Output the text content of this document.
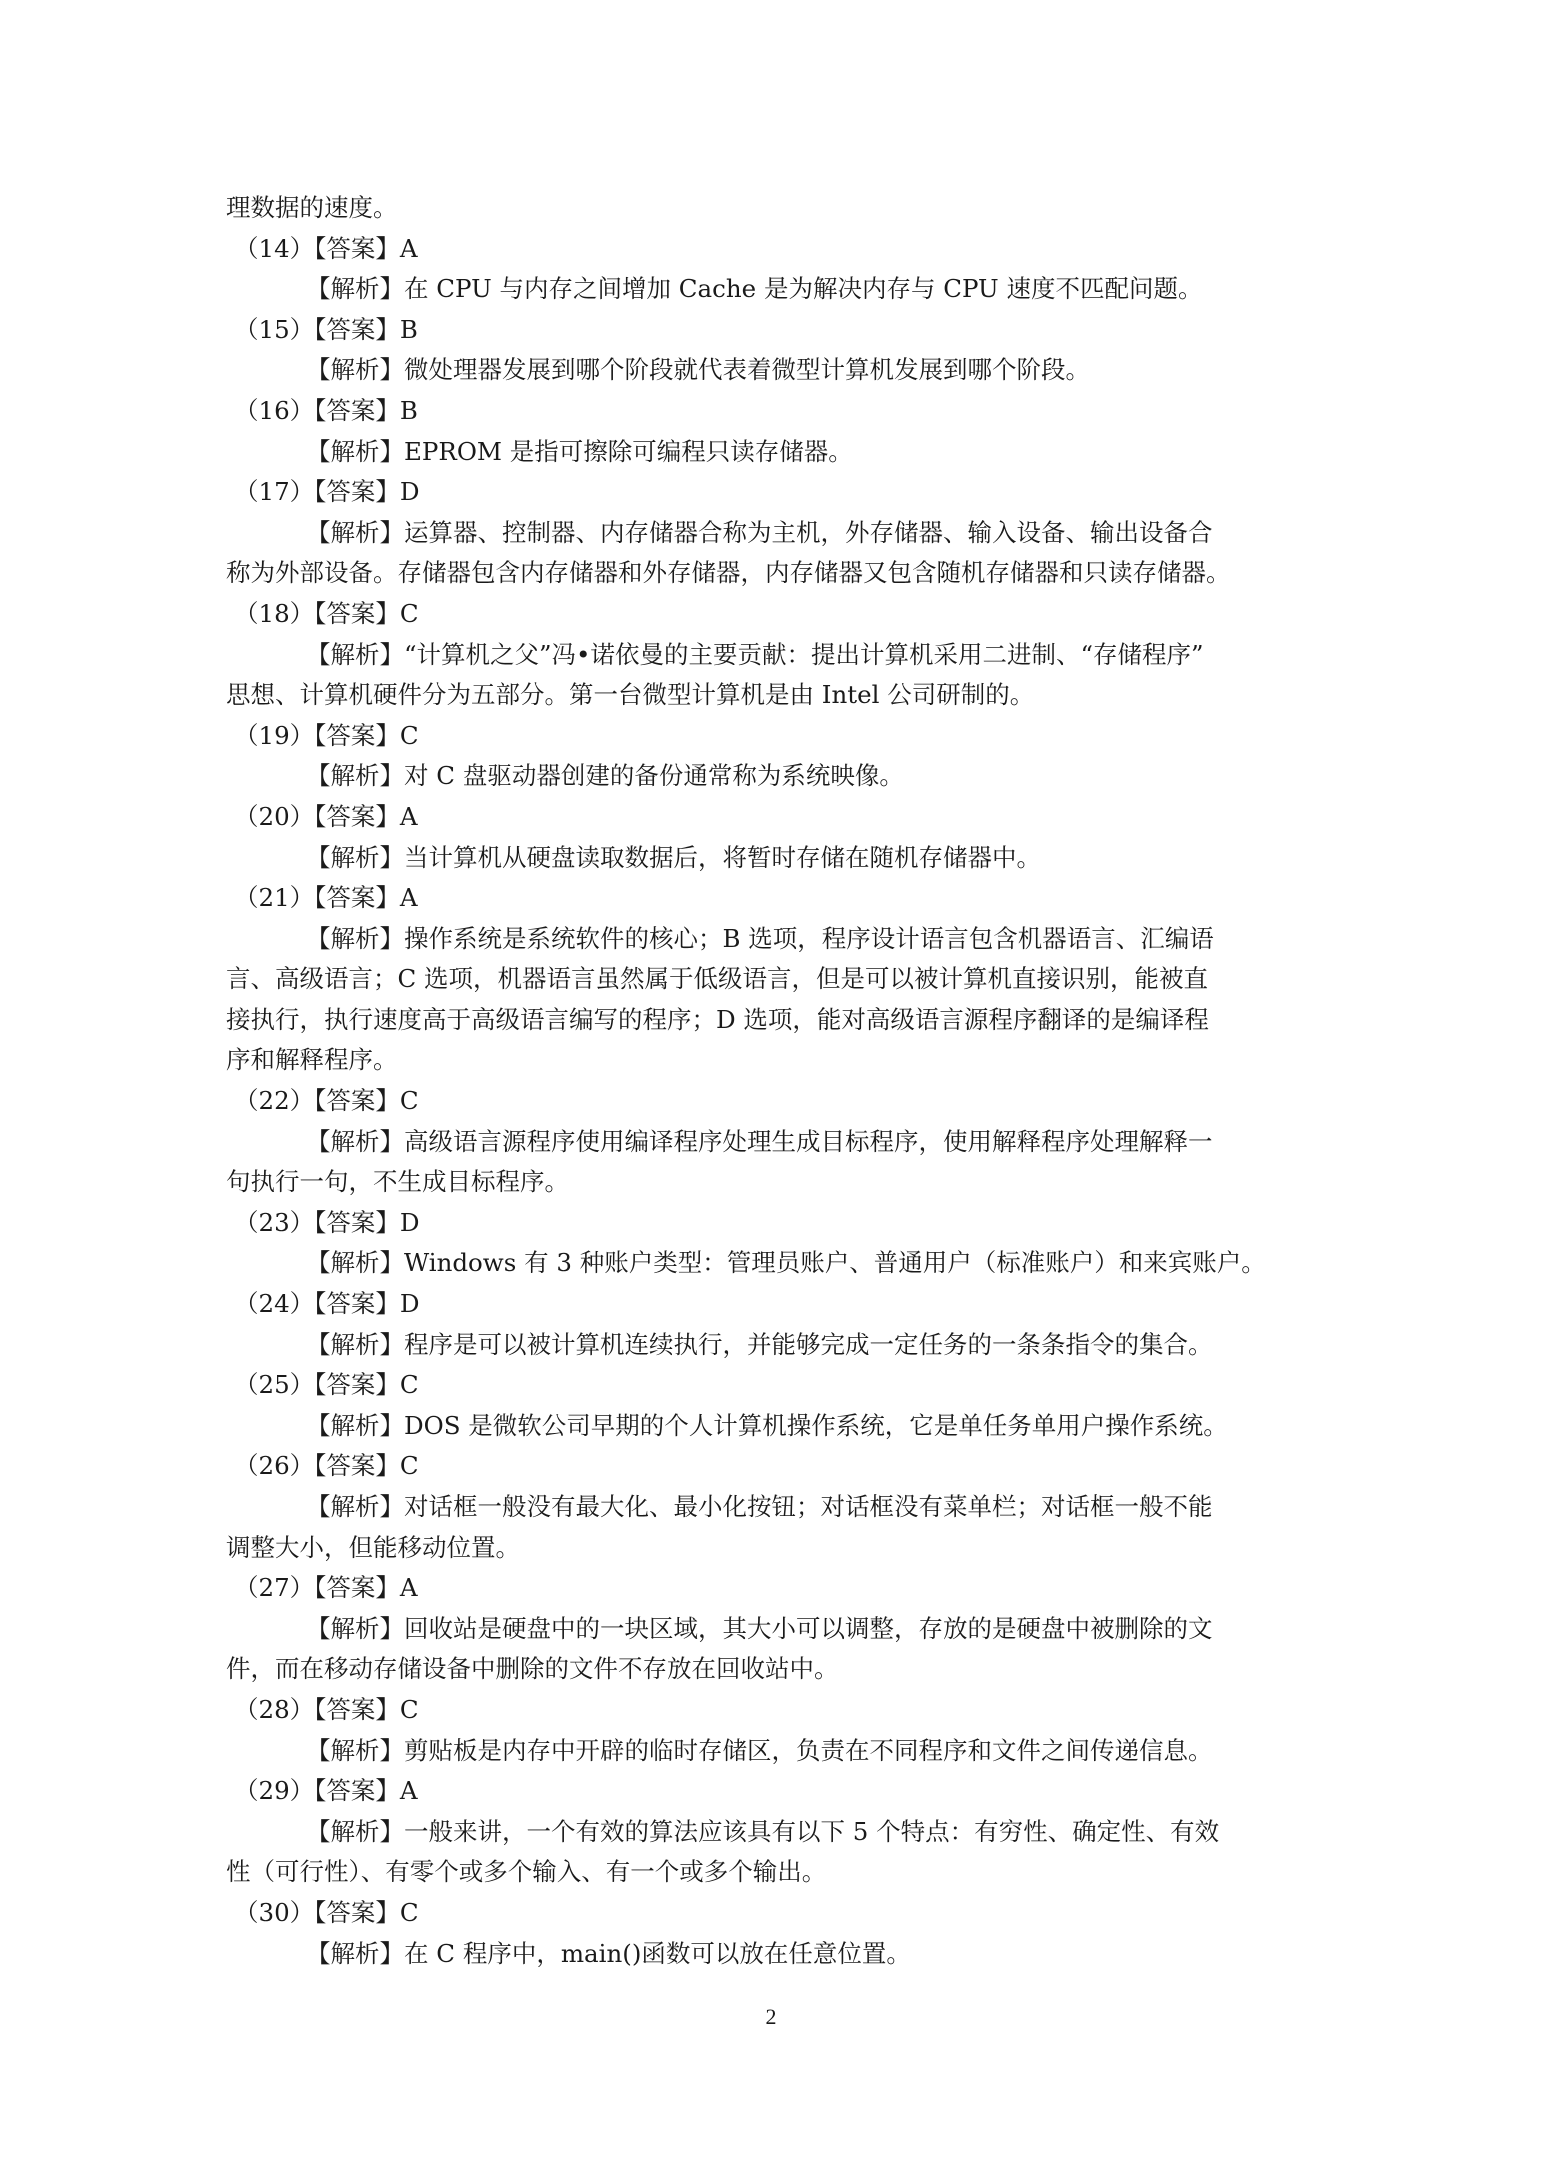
理数据的速度。
（14）【答案】A
【解析】在 CPU 与内存之间增加 Cache 是为解决内存与 CPU 速度不匹配问题。
（15）【答案】B
【解析】微处理器发展到哪个阶段就代表着微型计算机发展到哪个阶段。
（16）【答案】B
【解析】EPROM 是指可擦除可编程只读存储器。
（17）【答案】D
【解析】运算器、控制器、内存储器合称为主机，外存储器、输入设备、输出设备合
称为外部设备。存储器包含内存储器和外存储器，内存储器又包含随机存储器和只读存储器。
（18）【答案】C
【解析】“计算机之父”冯•诺依曼的主要贡献：提出计算机采用二进制、“存储程序”
思想、计算机硬件分为五部分。第一台微型计算机是由 Intel 公司研制的。
（19）【答案】C
【解析】对 C 盘驱动器创建的备份通常称为系统映像。
（20）【答案】A
【解析】当计算机从硬盘读取数据后，将暂时存储在随机存储器中。
（21）【答案】A
【解析】操作系统是系统软件的核心；B 选项，程序设计语言包含机器语言、汇编语
言、高级语言；C 选项，机器语言虽然属于低级语言，但是可以被计算机直接识别，能被直
接执行，执行速度高于高级语言编写的程序；D 选项，能对高级语言源程序翻译的是编译程
序和解释程序。
（22）【答案】C
【解析】高级语言源程序使用编译程序处理生成目标程序，使用解释程序处理解释一
句执行一句，不生成目标程序。
（23）【答案】D
【解析】Windows 有 3 种账户类型：管理员账户、普通用户（标准账户）和来宾账户。
（24）【答案】D
【解析】程序是可以被计算机连续执行，并能够完成一定任务的一条条指令的集合。
（25）【答案】C
【解析】DOS 是微软公司早期的个人计算机操作系统，它是单任务单用户操作系统。
（26）【答案】C
【解析】对话框一般没有最大化、最小化按钮；对话框没有菜单栏；对话框一般不能
调整大小，但能移动位置。
（27）【答案】A
【解析】回收站是硬盘中的一块区域，其大小可以调整，存放的是硬盘中被删除的文
件，而在移动存储设备中删除的文件不存放在回收站中。
（28）【答案】C
【解析】剪贴板是内存中开辟的临时存储区，负责在不同程序和文件之间传递信息。
（29）【答案】A
【解析】一般来讲，一个有效的算法应该具有以下 5 个特点：有穷性、确定性、有效
性（可行性）、有零个或多个输入、有一个或多个输出。
（30）【答案】C
【解析】在 C 程序中，main()函数可以放在任意位置。
2
